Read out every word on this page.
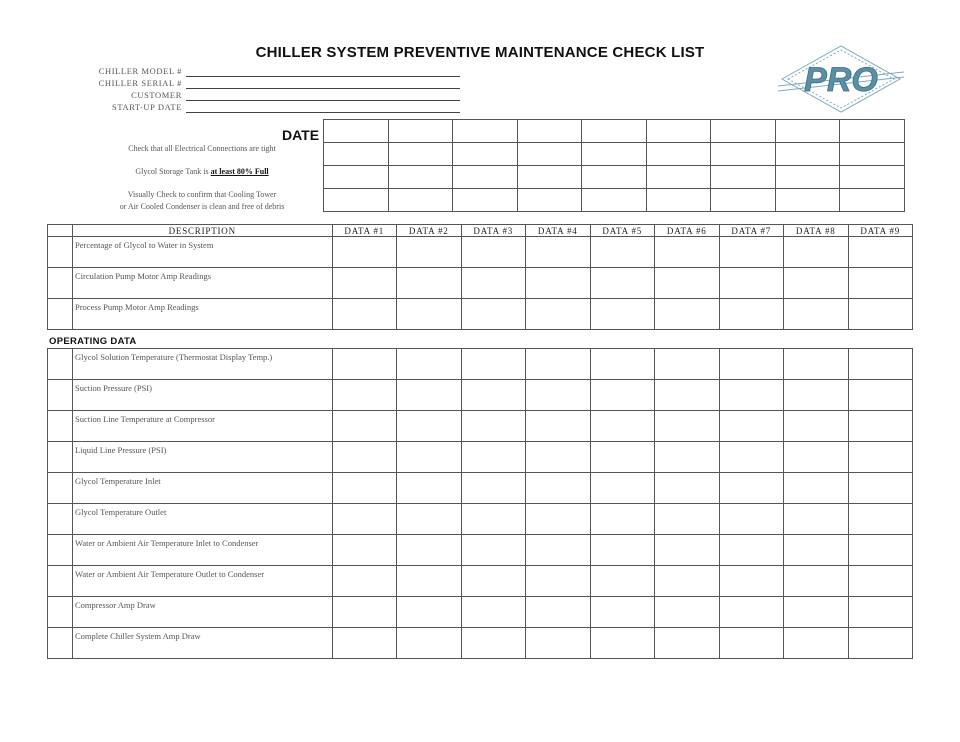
CHILLER SYSTEM PREVENTIVE MAINTENANCE CHECK LIST
PRO
CHILLER MODEL #
CHILLER SERIAL #
CUSTOMER
START-UP DATE
DATE

Check that all Electrical Connections are tight
Glycol Storage Tank is at least 80% Full
Visually Check to confirm that Cooling Tower
or Air Cooled Condenser is clean and free of debris
	DESCRIPTION	DATA #1	DATA #2	DATA #3	DATA #4	DATA #5	DATA #6	DATA #7	DATA #8	DATA #9
	Percentage of Glycol to Water in System									
	Circulation Pump Motor Amp Readings									
	Process Pump Motor Amp Readings									
OPERATING DATA
	Glycol Solution Temperature (Thermostat Display Temp.)									
	Suction Pressure (PSI)									
	Suction Line Temperature at Compressor									
	Liquid Line Pressure (PSI)									
	Glycol Temperature Inlet									
	Glycol Temperature Outlet									
	Water or Ambient Air Temperature Inlet to Condenser									
	Water or Ambient Air Temperature Outlet to Condenser									
	Compressor Amp Draw									
	Complete Chiller System Amp Draw									
